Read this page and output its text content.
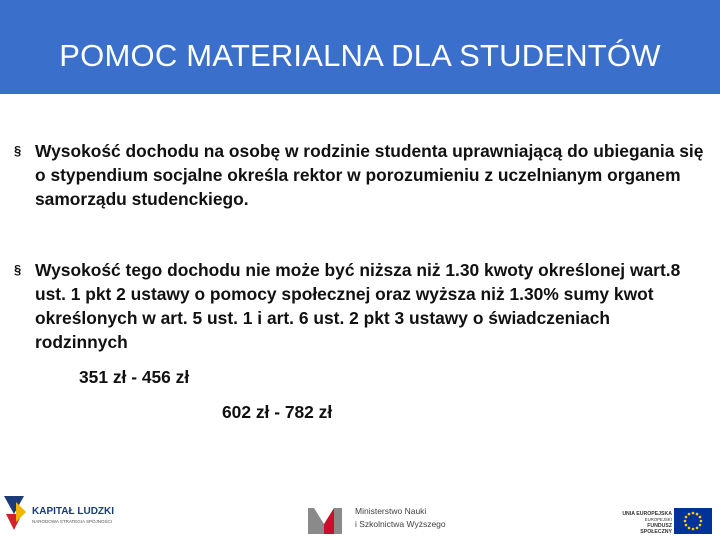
POMOC MATERIALNA DLA STUDENTÓW
§ Wysokość dochodu na osobę w rodzinie studenta uprawniającą do ubiegania się o stypendium socjalne określa rektor w porozumieniu z uczelnianym organem samorządu studenckiego.
§ Wysokość tego dochodu nie może być niższa niż 1.30 kwoty określonej wart.8 ust. 1 pkt 2 ustawy o pomocy społecznej oraz wyższa niż 1.30% sumy kwot określonych w art. 5 ust. 1 i art. 6 ust. 2 pkt 3 ustawy o świadczeniach rodzinnych
351 zł - 456 zł
602 zł - 782 zł
KAPITAŁ LUDZKI
NARODOWA STRATEGIA SPÓJNOŚCI
Ministerstwo Nauki
i Szkolnictwa Wyższego
UNIA EUROPEJSKA
EUROPEJSKI
FUNDUSZ SPOŁECZNY
